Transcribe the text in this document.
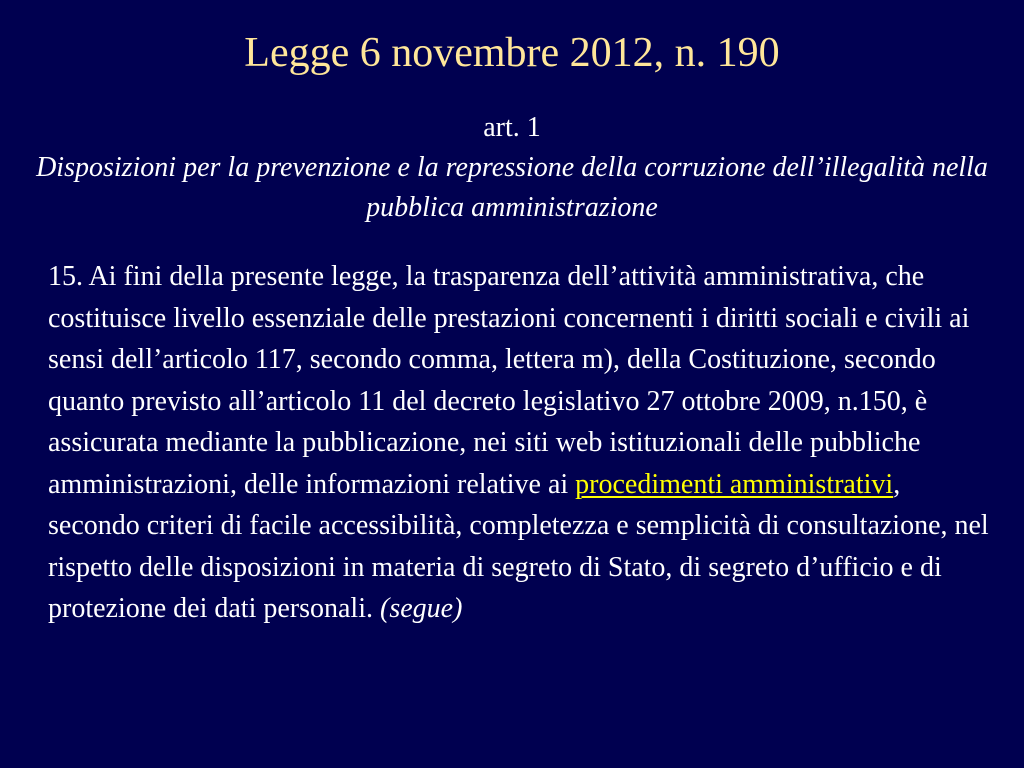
Legge 6 novembre 2012, n. 190
art. 1
Disposizioni per la prevenzione e la repressione della corruzione dell’illegalità nella pubblica amministrazione
15. Ai fini della presente legge, la trasparenza dell’attività amministrativa, che costituisce livello essenziale delle prestazioni concernenti i diritti sociali e civili ai sensi dell’articolo 117, secondo comma, lettera m), della Costituzione, secondo quanto previsto all’articolo 11 del decreto legislativo 27 ottobre 2009, n.150, è assicurata mediante la pubblicazione, nei siti web istituzionali delle pubbliche amministrazioni, delle informazioni relative ai procedimenti amministrativi, secondo criteri di facile accessibilità, completezza e semplicità di consultazione, nel rispetto delle disposizioni in materia di segreto di Stato, di segreto d’ufficio e di protezione dei dati personali. (segue)
